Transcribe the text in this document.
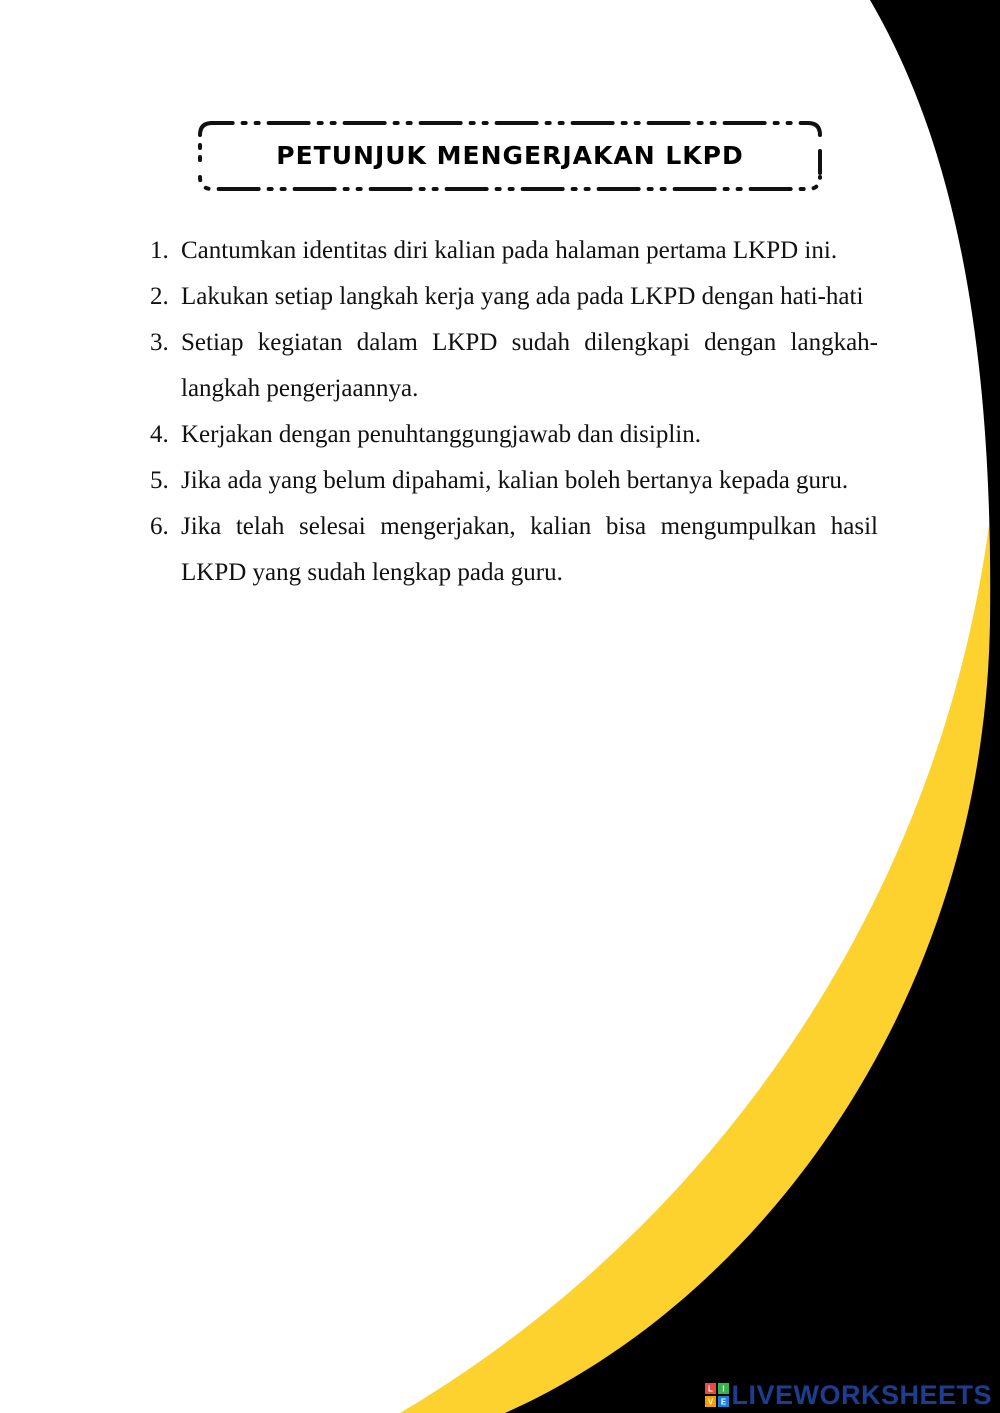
PETUNJUK MENGERJAKAN LKPD
1. Cantumkan identitas diri kalian pada halaman pertama LKPD ini.
2. Lakukan setiap langkah kerja yang ada pada LKPD dengan hati-hati
3. Setiap kegiatan dalam LKPD sudah dilengkapi dengan langkah-langkah pengerjaannya.
4. Kerjakan dengan penuhtanggungjawab dan disiplin.
5. Jika ada yang belum dipahami, kalian boleh bertanya kepada guru.
6. Jika telah selesai mengerjakan, kalian bisa mengumpulkan hasil LKPD yang sudah lengkap pada guru.
L I
V E LIVEWORKSHEETS
